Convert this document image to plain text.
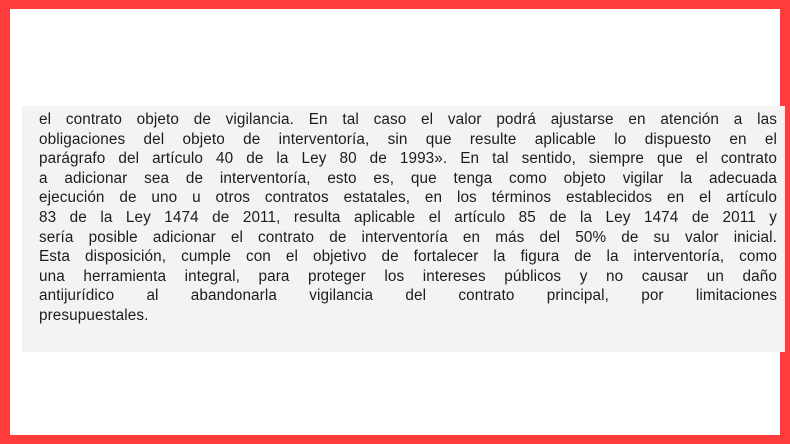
el contrato objeto de vigilancia. En tal caso el valor podrá ajustarse en atención a las
obligaciones del objeto de interventoría, sin que resulte aplicable lo dispuesto en el
parágrafo del artículo 40 de la Ley 80 de 1993». En tal sentido, siempre que el contrato
a adicionar sea de interventoría, esto es, que tenga como objeto vigilar la adecuada
ejecución de uno u otros contratos estatales, en los términos establecidos en el artículo
83 de la Ley 1474 de 2011, resulta aplicable el artículo 85 de la Ley 1474 de 2011 y
sería posible adicionar el contrato de interventoría en más del 50% de su valor inicial.
Esta disposición, cumple con el objetivo de fortalecer la figura de la interventoría, como
una herramienta integral, para proteger los intereses públicos y no causar un daño
antijurídico al abandonarla vigilancia del contrato principal, por limitaciones
presupuestales.
